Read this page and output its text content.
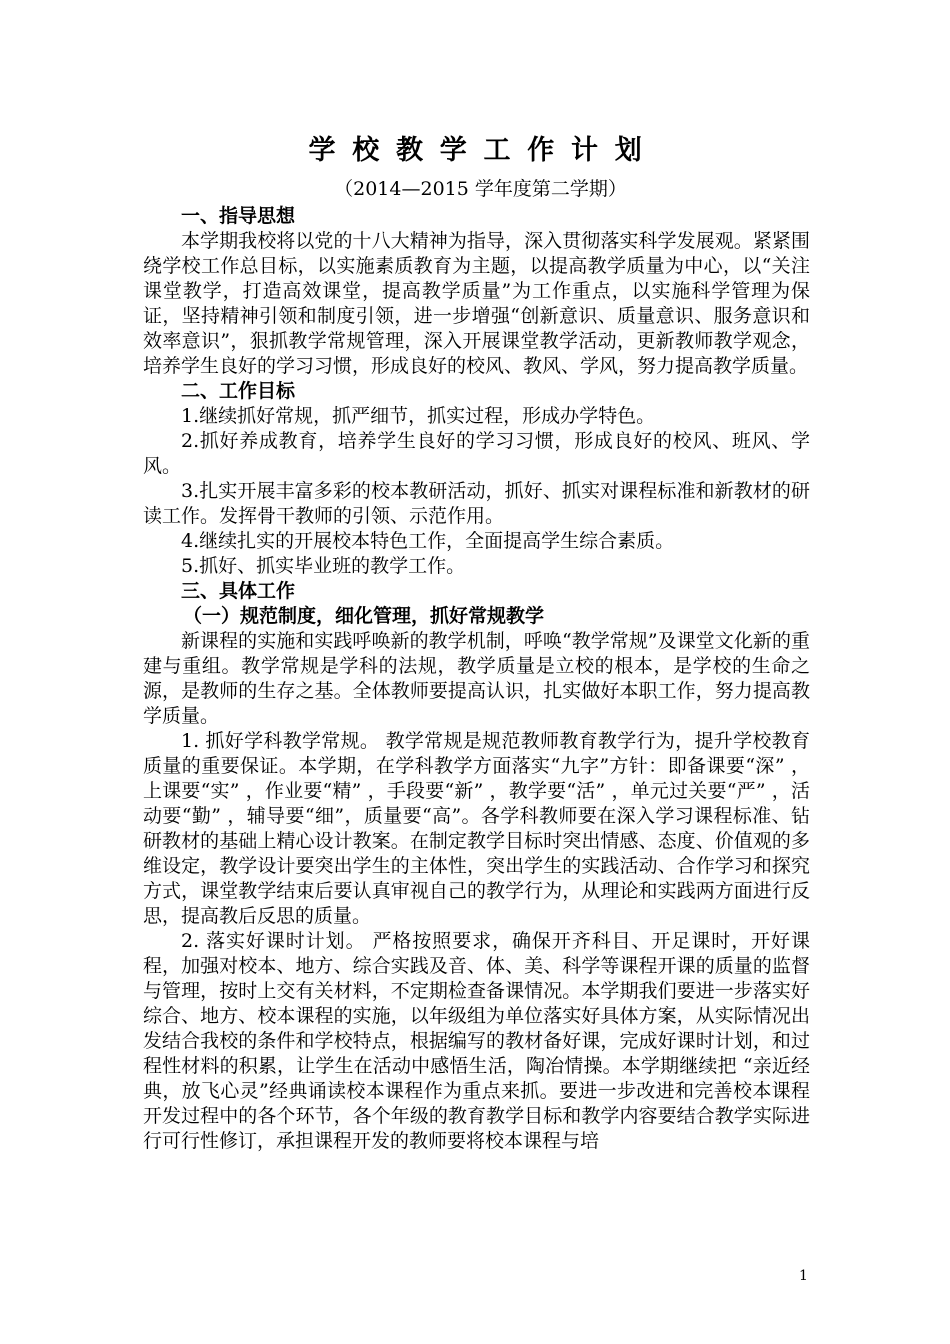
学校教学工作计划
（2014—2015 学年度第二学期）
一、指导思想
本学期我校将以党的十八大精神为指导，深入贯彻落实科学发展观。紧紧围绕学校工作总目标，以实施素质教育为主题，以提高教学质量为中心，以“关注课堂教学，打造高效课堂，提高教学质量”为工作重点，以实施科学管理为保证，坚持精神引领和制度引领，进一步增强“创新意识、质量意识、服务意识和效率意识”，狠抓教学常规管理，深入开展课堂教学活动，更新教师教学观念，培养学生良好的学习习惯，形成良好的校风、教风、学风，努力提高教学质量。
二、工作目标
1.继续抓好常规，抓严细节，抓实过程，形成办学特色。
2.抓好养成教育，培养学生良好的学习习惯，形成良好的校风、班风、学风。
3.扎实开展丰富多彩的校本教研活动，抓好、抓实对课程标准和新教材的研读工作。发挥骨干教师的引领、示范作用。
4.继续扎实的开展校本特色工作，全面提高学生综合素质。
5.抓好、抓实毕业班的教学工作。
三、具体工作
（一）规范制度，细化管理，抓好常规教学
新课程的实施和实践呼唤新的教学机制，呼唤“教学常规”及课堂文化新的重建与重组。教学常规是学科的法规，教学质量是立校的根本，是学校的生命之源，是教师的生存之基。全体教师要提高认识，扎实做好本职工作，努力提高教学质量。
1. 抓好学科教学常规。 教学常规是规范教师教育教学行为，提升学校教育质量的重要保证。本学期，在学科教学方面落实“九字”方针：即备课要“深” ，上课要“实” ，作业要“精” ，手段要“新” ，教学要“活” ，单元过关要“严” ，活动要“勤” ，辅导要“细”，质量要“高”。各学科教师要在深入学习课程标准、钻研教材的基础上精心设计教案。在制定教学目标时突出情感、态度、价值观的多维设定，教学设计要突出学生的主体性，突出学生的实践活动、合作学习和探究方式，课堂教学结束后要认真审视自己的教学行为，从理论和实践两方面进行反思，提高教后反思的质量。
2. 落实好课时计划。 严格按照要求，确保开齐科目、开足课时，开好课程，加强对校本、地方、综合实践及音、体、美、科学等课程开课的质量的监督与管理，按时上交有关材料，不定期检查备课情况。本学期我们要进一步落实好综合、地方、校本课程的实施，以年级组为单位落实好具体方案，从实际情况出发结合我校的条件和学校特点，根据编写的教材备好课，完成好课时计划，和过程性材料的积累，让学生在活动中感悟生活，陶冶情操。本学期继续把 “亲近经典，放飞心灵”经典诵读校本课程作为重点来抓。要进一步改进和完善校本课程开发过程中的各个环节，各个年级的教育教学目标和教学内容要结合教学实际进行可行性修订，承担课程开发的教师要将校本课程与培
1
